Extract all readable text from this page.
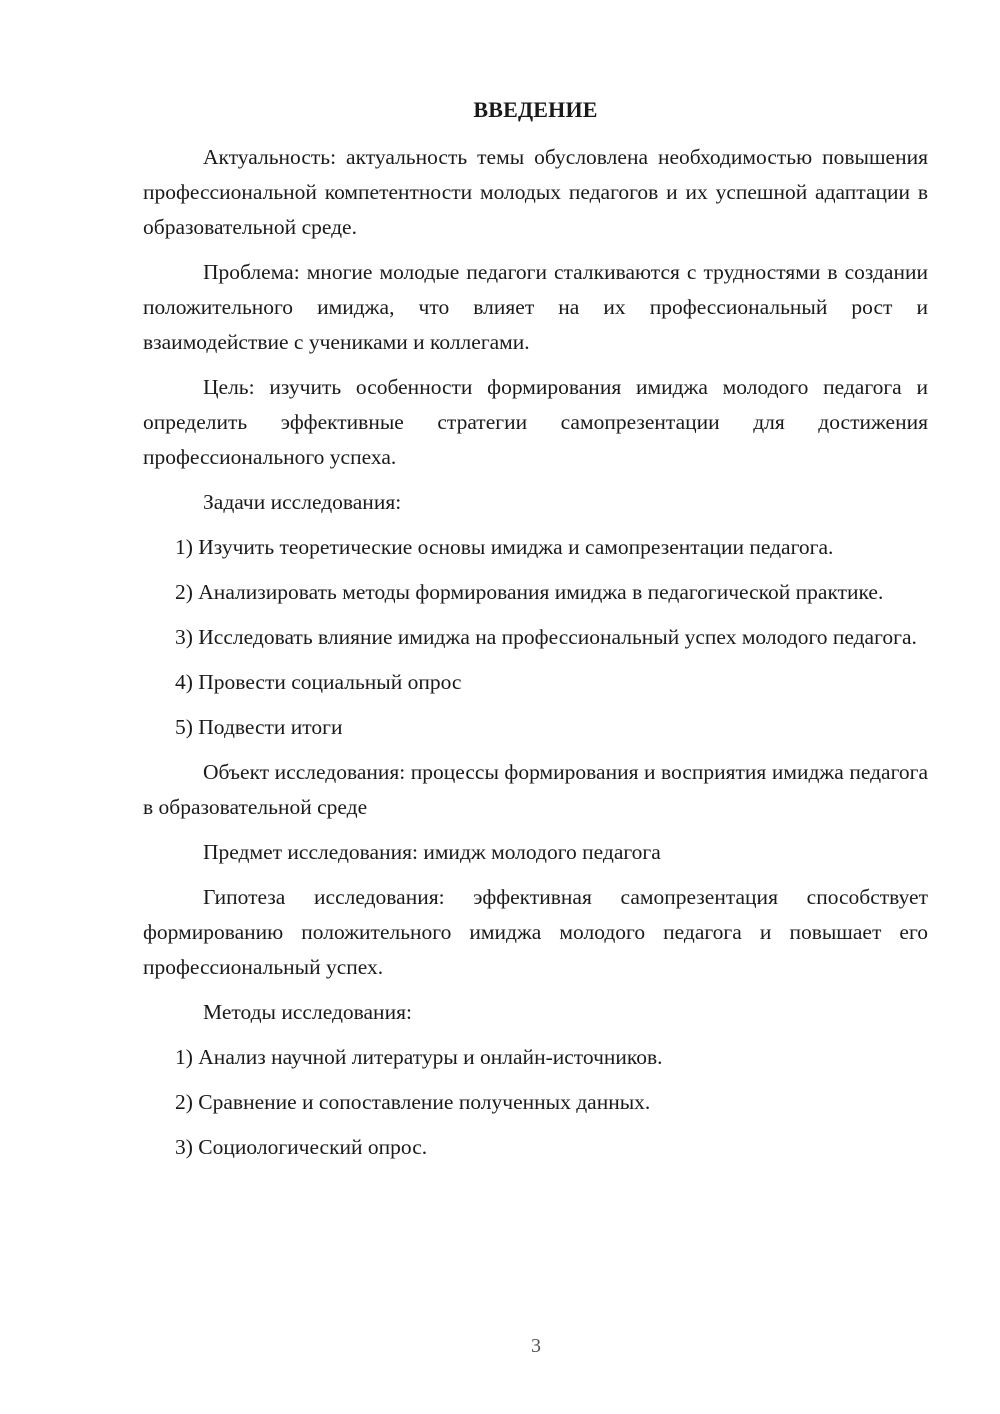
ВВЕДЕНИЕ

Актуальность: актуальность темы обусловлена необходимостью повышения профессиональной компетентности молодых педагогов и их успешной адаптации в образовательной среде.

Проблема: многие молодые педагоги сталкиваются с трудностями в создании положительного имиджа, что влияет на их профессиональный рост и взаимодействие с учениками и коллегами.

Цель: изучить особенности формирования имиджа молодого педагога и определить эффективные стратегии самопрезентации для достижения профессионального успеха.

Задачи исследования:

1) Изучить теоретические основы имиджа и самопрезентации педагога.

2) Анализировать методы формирования имиджа в педагогической практике.

3) Исследовать влияние имиджа на профессиональный успех молодого педагога.

4) Провести социальный опрос

5) Подвести итоги

Объект исследования: процессы формирования и восприятия имиджа педагога в образовательной среде

Предмет исследования: имидж молодого педагога

Гипотеза исследования: эффективная самопрезентация способствует формированию положительного имиджа молодого педагога и повышает его профессиональный успех.

Методы исследования:

1) Анализ научной литературы и онлайн-источников.

2) Сравнение и сопоставление полученных данных.

3) Социологический опрос.

3
